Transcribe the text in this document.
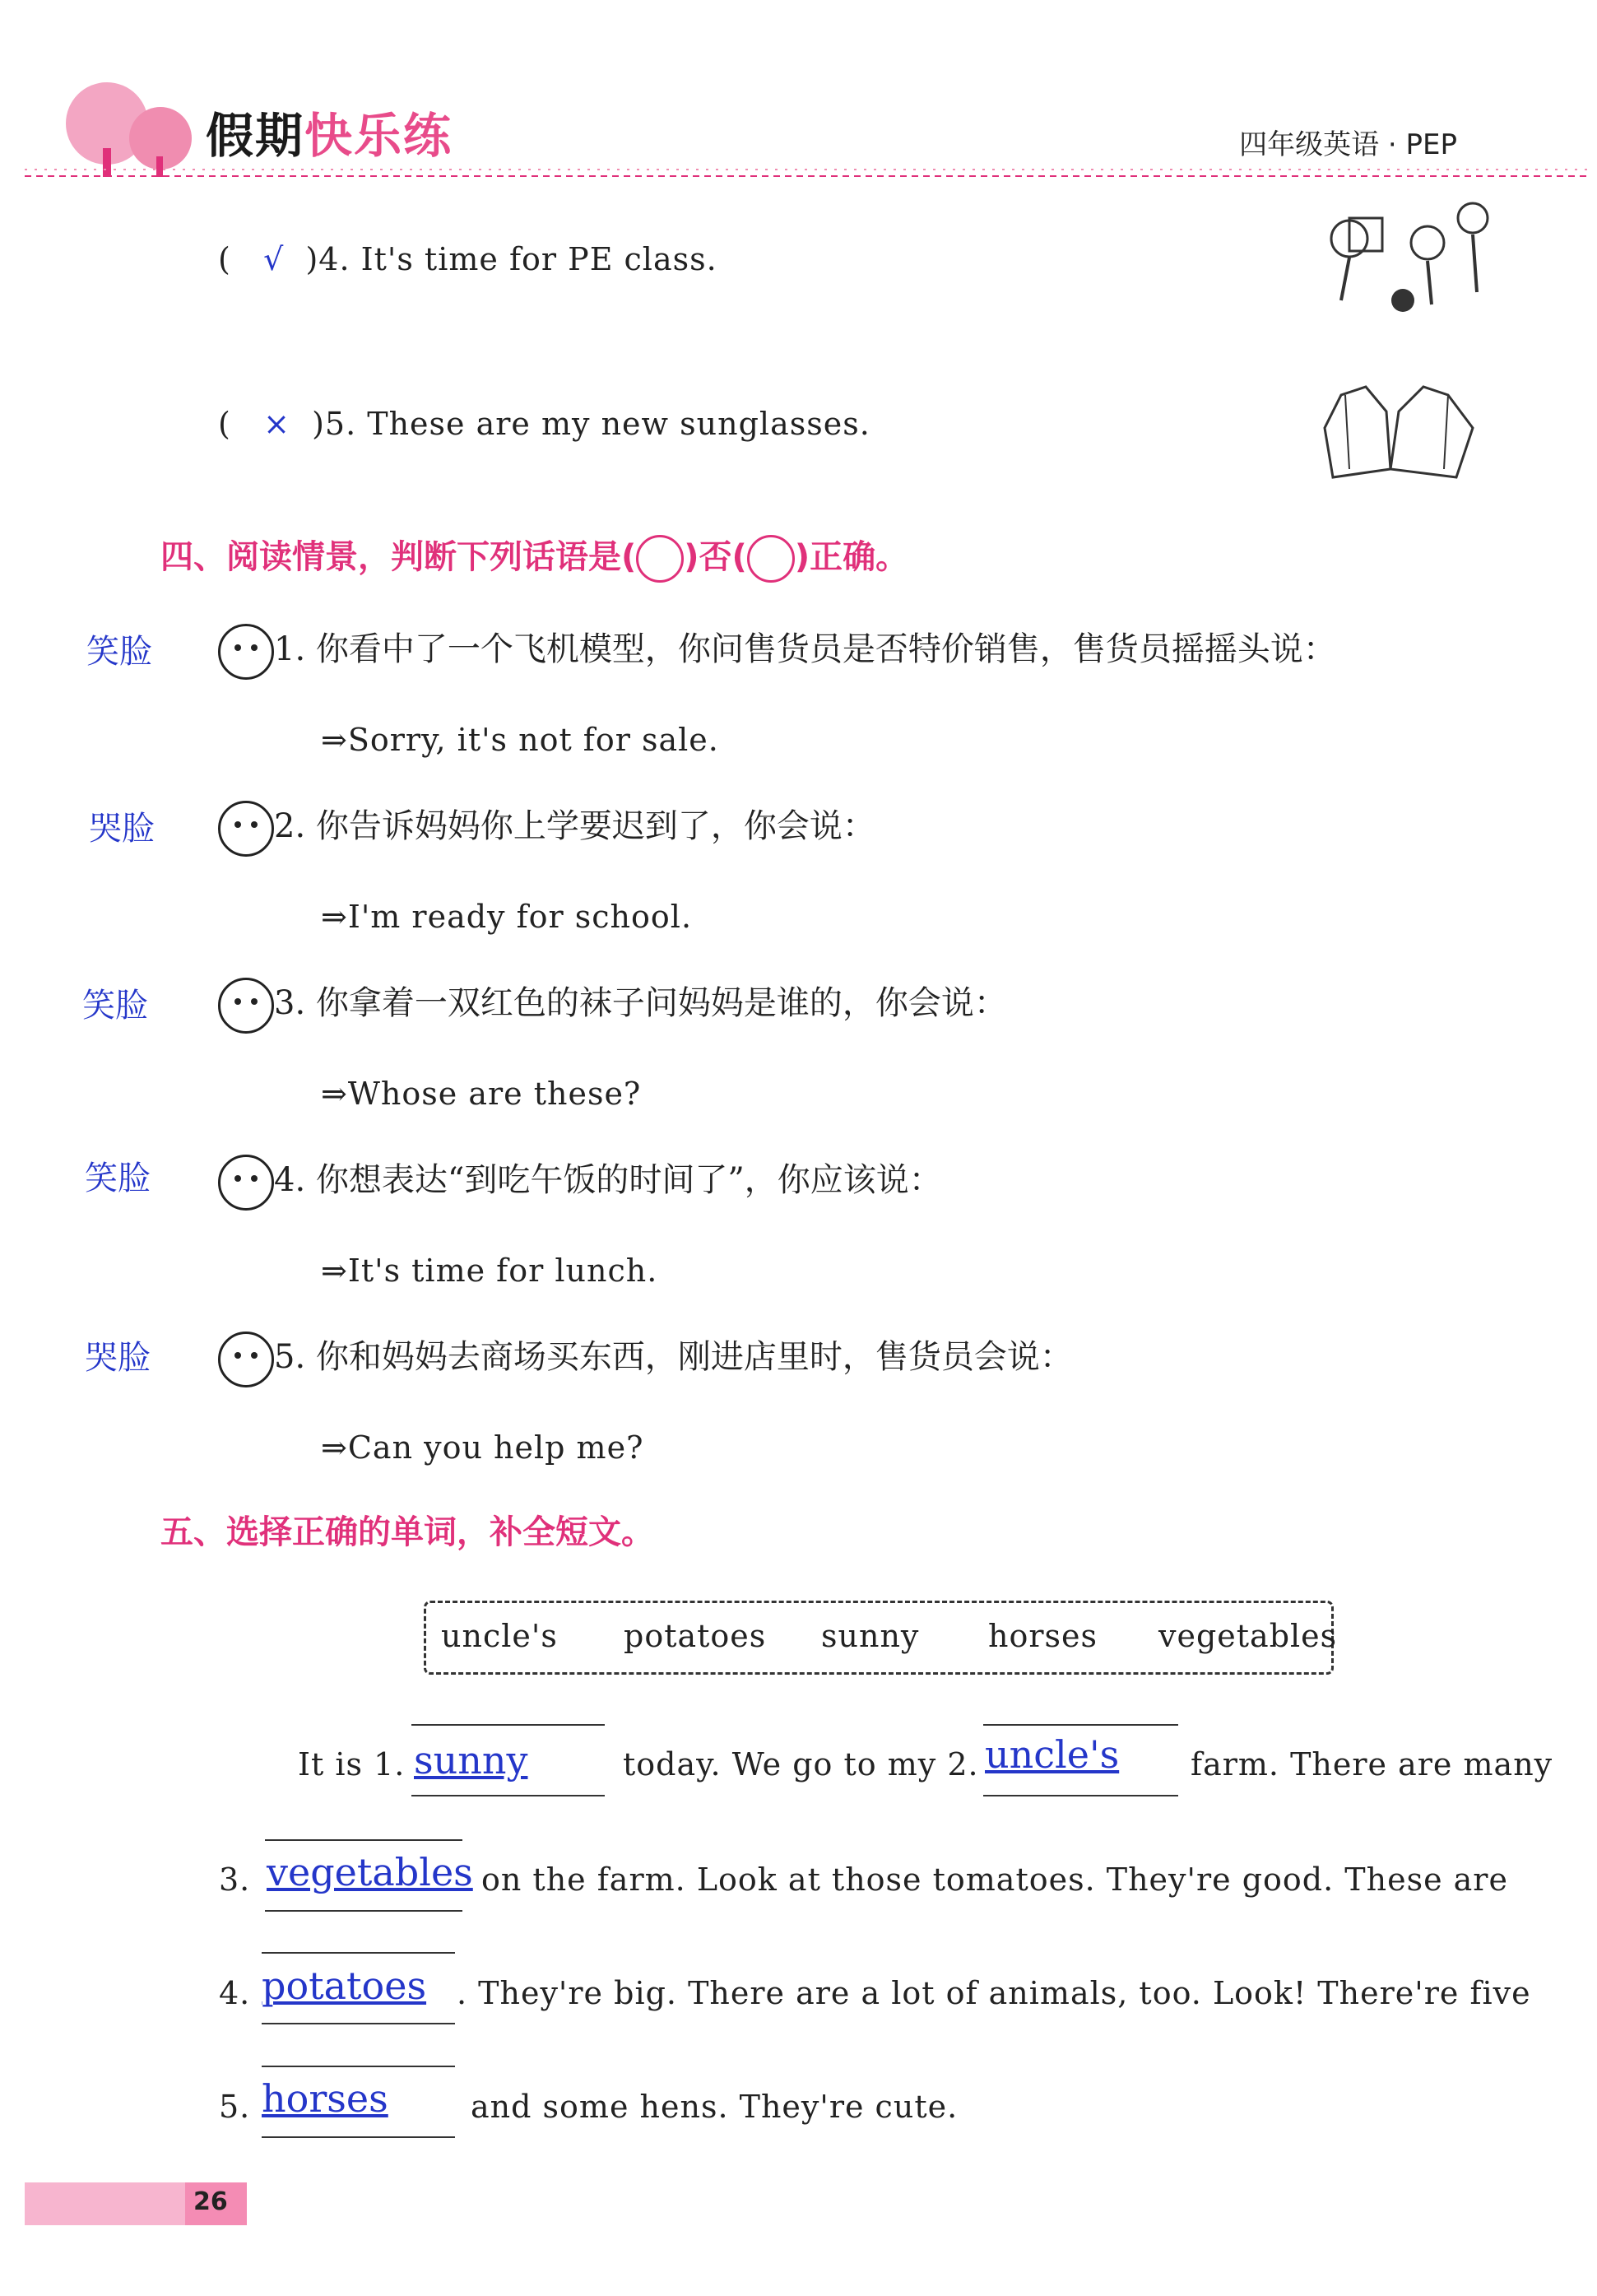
假期快乐练	四年级英语 · PEP
(   √ )4. It's time for PE class.
(   × )5. These are my new sunglasses.
四、阅读情景，判断下列话语是( )否( )正确。
笑脸	1. 你看中了一个飞机模型，你问售货员是否特价销售，售货员摇摇头说：
⇒Sorry, it's not for sale.
哭脸	2. 你告诉妈妈你上学要迟到了，你会说：
⇒I'm ready for school.
笑脸	3. 你拿着一双红色的袜子问妈妈是谁的，你会说：
⇒Whose are these?
笑脸	4. 你想表达“到吃午饭的时间了”，你应该说：
⇒It's time for lunch.
哭脸	5. 你和妈妈去商场买东西，刚进店里时，售货员会说：
⇒Can you help me?
五、选择正确的单词，补全短文。
uncle's potatoes sunny horses vegetables
It is 1. sunny	today. We go to my 2. uncle's farm. There are many
3. vegetables on the farm. Look at those tomatoes. They're good. These are
4. potatoes . They're big. There are a lot of animals, too. Look! There're five
5. horses	and some hens. They're cute.
26
